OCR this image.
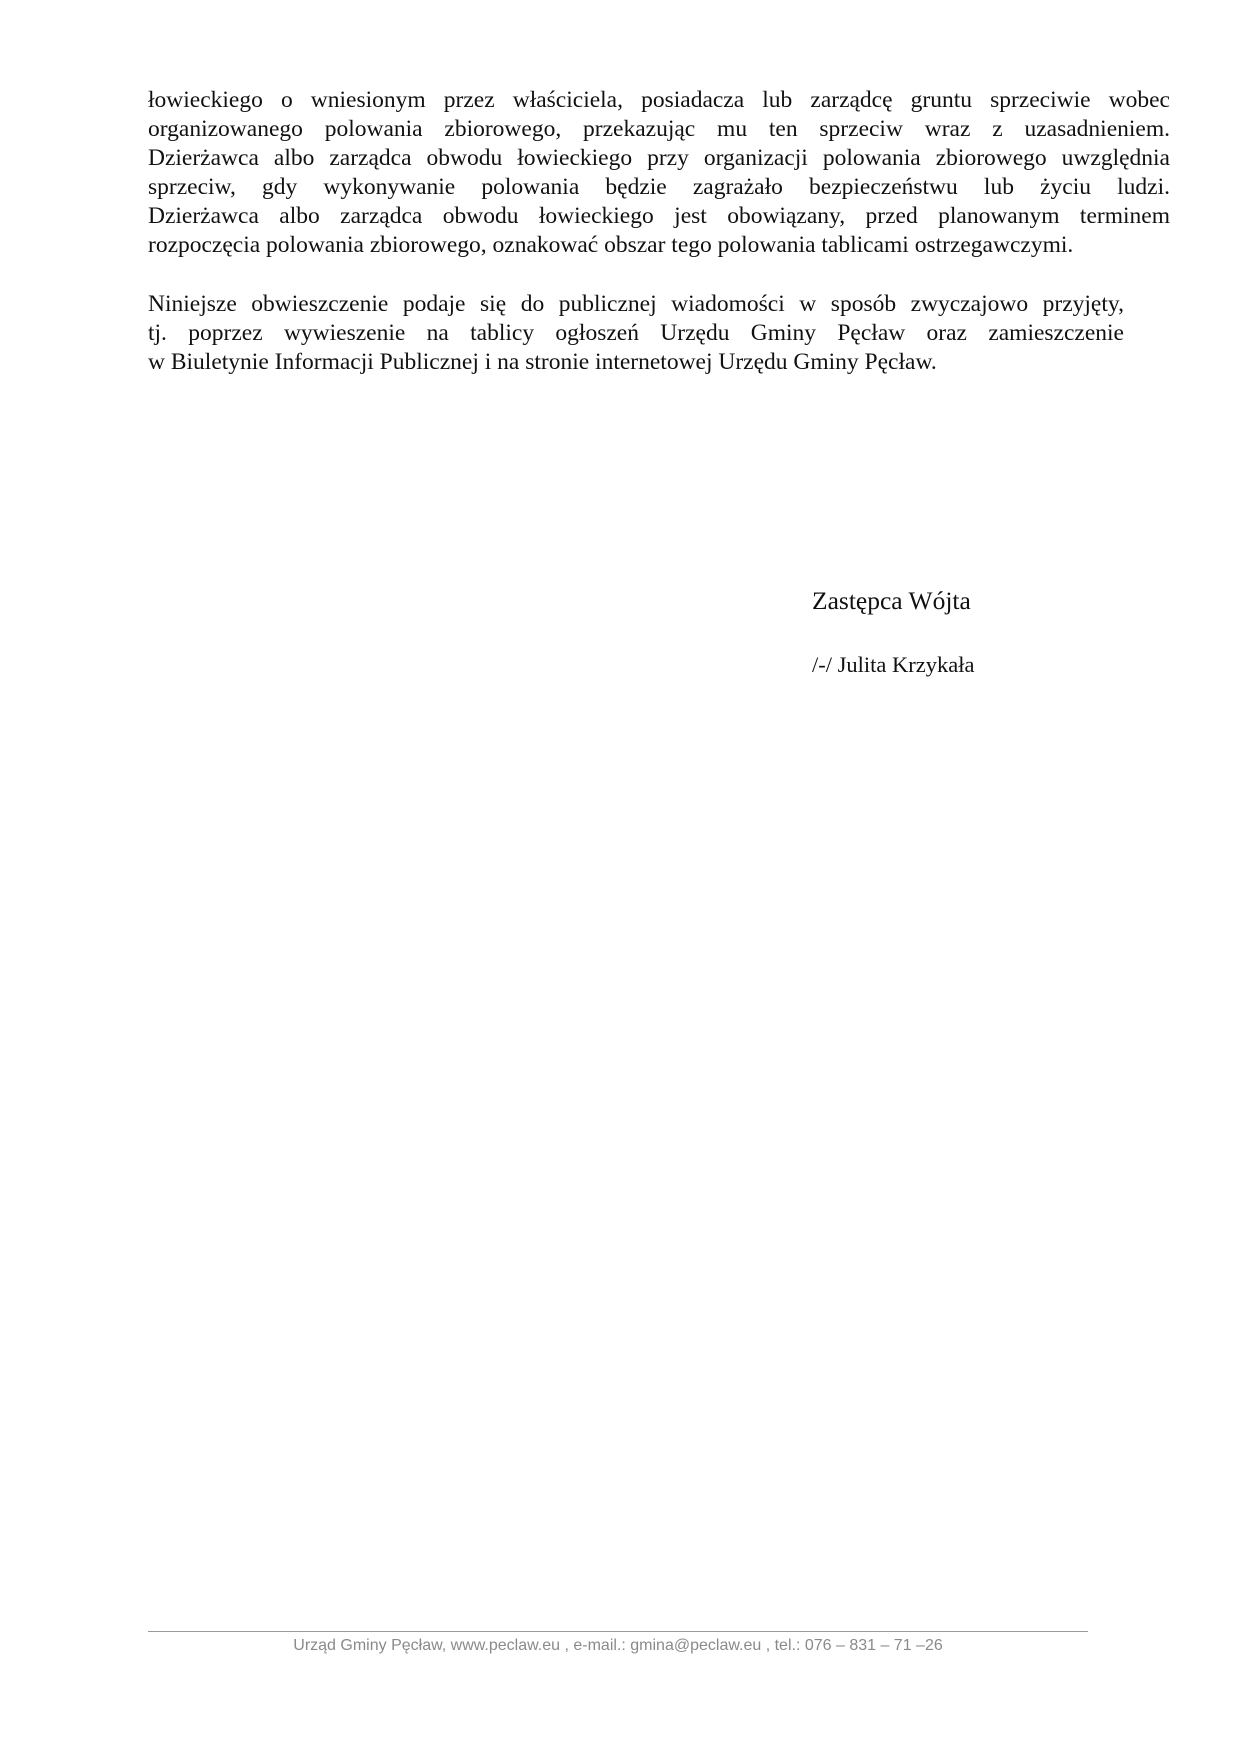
łowieckiego o wniesionym przez właściciela, posiadacza lub zarządcę gruntu sprzeciwie wobec
organizowanego polowania zbiorowego, przekazując mu ten sprzeciw wraz z uzasadnieniem.
Dzierżawca albo zarządca obwodu łowieckiego przy organizacji polowania zbiorowego uwzględnia
sprzeciw, gdy wykonywanie polowania będzie zagrażało bezpieczeństwu lub życiu ludzi.
Dzierżawca albo zarządca obwodu łowieckiego jest obowiązany, przed planowanym terminem
rozpoczęcia polowania zbiorowego, oznakować obszar tego polowania tablicami ostrzegawczymi.
Niniejsze obwieszczenie podaje się do publicznej wiadomości w sposób zwyczajowo przyjęty,
tj. poprzez wywieszenie na tablicy ogłoszeń Urzędu Gminy Pęcław oraz zamieszczenie
w Biuletynie Informacji Publicznej i na stronie internetowej Urzędu Gminy Pęcław.

Zastępca Wójta

/-/ Julita Krzykała

Urząd Gminy Pęcław, www.peclaw.eu , e-mail.: gmina@peclaw.eu , tel.: 076 – 831 – 71 –26
